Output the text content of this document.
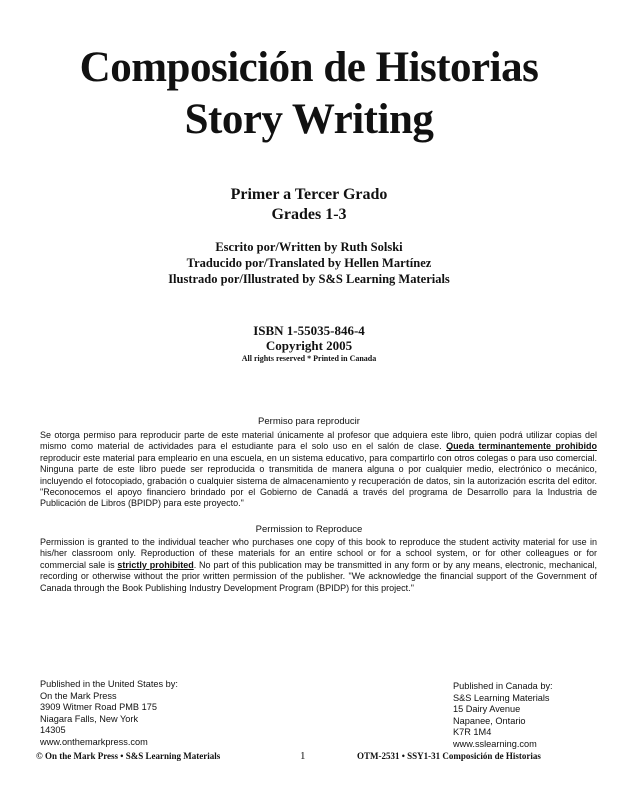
Composición de Historias
Story Writing
Primer a Tercer Grado
Grades 1-3
Escrito por/Written by Ruth Solski
Traducido por/Translated by Hellen Martínez
Ilustrado por/Illustrated by S&S Learning Materials
ISBN 1-55035-846-4
Copyright 2005
All rights reserved * Printed in Canada
Permiso para reproducir
Se otorga permiso para reproducir parte de este material únicamente al profesor que adquiera este libro, quien podrá utilizar copias del mismo como material de actividades para el estudiante para el solo uso en el salón de clase. Queda terminantemente prohibido reproducir este material para empleario en una escuela, en un sistema educativo, para compartirlo con otros colegas o para uso comercial. Ninguna parte de este libro puede ser reproducida o transmitida de manera alguna o por cualquier medio, electrónico o mecánico, incluyendo el fotocopiado, grabación o cualquier sistema de almacenamiento y recuperación de datos, sin la autorización escrita del editor. "Reconocemos el apoyo financiero brindado por el Gobierno de Canadá a través del programa de Desarrollo para la Industria de Publicación de Libros (BPIDP) para este proyecto."
Permission to Reproduce
Permission is granted to the individual teacher who purchases one copy of this book to reproduce the student activity material for use in his/her classroom only. Reproduction of these materials for an entire school or for a school system, or for other colleagues or for commercial sale is strictly prohibited. No part of this publication may be transmitted in any form or by any means, electronic, mechanical, recording or otherwise without the prior written permission of the publisher. "We acknowledge the financial support of the Government of Canada through the Book Publishing Industry Development Program (BPIDP) for this project."
Published in the United States by:
On the Mark Press
3909 Witmer Road PMB 175
Niagara Falls, New York
14305
www.onthemarkpress.com
Published in Canada by:
S&S Learning Materials
15 Dairy Avenue
Napanee, Ontario
K7R 1M4
www.sslearning.com
© On the Mark Press • S&S Learning Materials	1	OTM-2531 • SSY1-31 Composición de Historias
